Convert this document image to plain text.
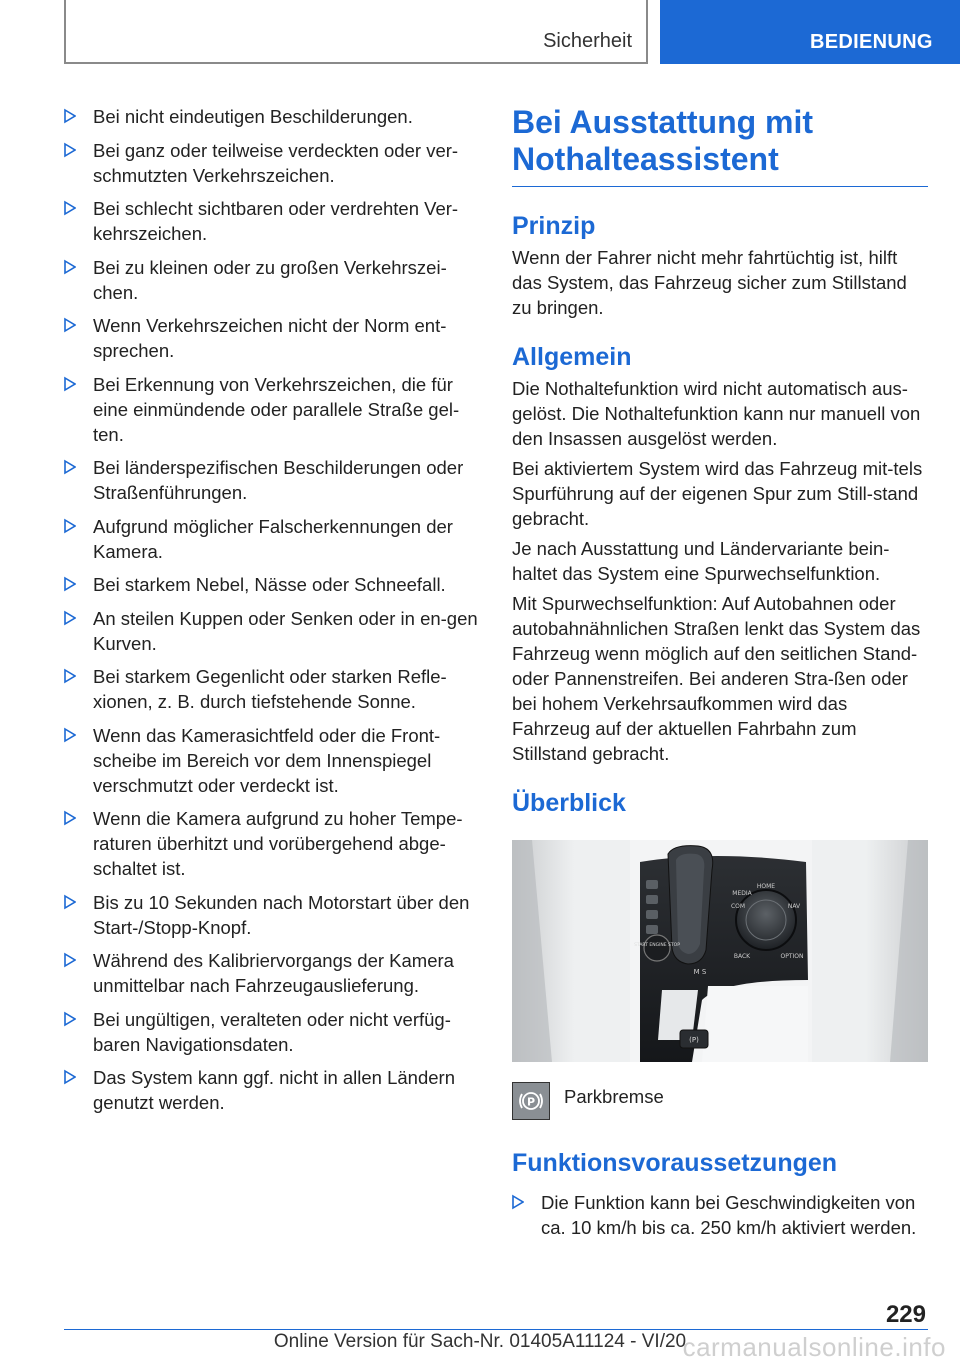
Sicherheit	BEDIENUNG
Bei nicht eindeutigen Beschilderungen.
Bei ganz oder teilweise verdeckten oder ver-schmutzten Verkehrszeichen.
Bei schlecht sichtbaren oder verdrehten Ver-kehrszeichen.
Bei zu kleinen oder zu großen Verkehrszei-chen.
Wenn Verkehrszeichen nicht der Norm ent-sprechen.
Bei Erkennung von Verkehrszeichen, die für eine einmündende oder parallele Straße gel-ten.
Bei länderspezifischen Beschilderungen oder Straßenführungen.
Aufgrund möglicher Falscherkennungen der Kamera.
Bei starkem Nebel, Nässe oder Schneefall.
An steilen Kuppen oder Senken oder in en-gen Kurven.
Bei starkem Gegenlicht oder starken Refle-xionen, z. B. durch tiefstehende Sonne.
Wenn das Kamerasichtfeld oder die Front-scheibe im Bereich vor dem Innenspiegel verschmutzt oder verdeckt ist.
Wenn die Kamera aufgrund zu hoher Tempe-raturen überhitzt und vorübergehend abge-schaltet ist.
Bis zu 10 Sekunden nach Motorstart über den Start-/Stopp-Knopf.
Während des Kalibriervorgangs der Kamera unmittelbar nach Fahrzeugauslieferung.
Bei ungültigen, veralteten oder nicht verfüg-baren Navigationsdaten.
Das System kann ggf. nicht in allen Ländern genutzt werden.
Bei Ausstattung mit Nothalteassistent
Prinzip

Wenn der Fahrer nicht mehr fahrtüchtig ist, hilft das System, das Fahrzeug sicher zum Stillstand zu bringen.

Allgemein

Die Nothaltefunktion wird nicht automatisch aus-gelöst. Die Nothaltefunktion kann nur manuell von den Insassen ausgelöst werden.

Bei aktiviertem System wird das Fahrzeug mit-tels Spurführung auf der eigenen Spur zum Still-stand gebracht.

Je nach Ausstattung und Ländervariante bein-haltet das System eine Spurwechselfunktion.

Mit Spurwechselfunktion: Auf Autobahnen oder autobahnähnlichen Straßen lenkt das System das Fahrzeug wenn möglich auf den seitlichen Stand- oder Pannenstreifen. Bei anderen Stra-ßen oder bei hohem Verkehrsaufkommen wird das Fahrzeug auf der aktuellen Fahrbahn zum Stillstand gebracht.

Überblick
START ENGINE STOP
M S
HOME
MEDIA
COM	NAV
BACK	OPTION
(P)
P Parkbremse
Funktionsvoraussetzungen
Die Funktion kann bei Geschwindigkeiten von ca. 10 km/h bis ca. 250 km/h aktiviert werden.
229
Online Version für Sach-Nr. 01405A11124 - VI/20
carmanualsonline.info
